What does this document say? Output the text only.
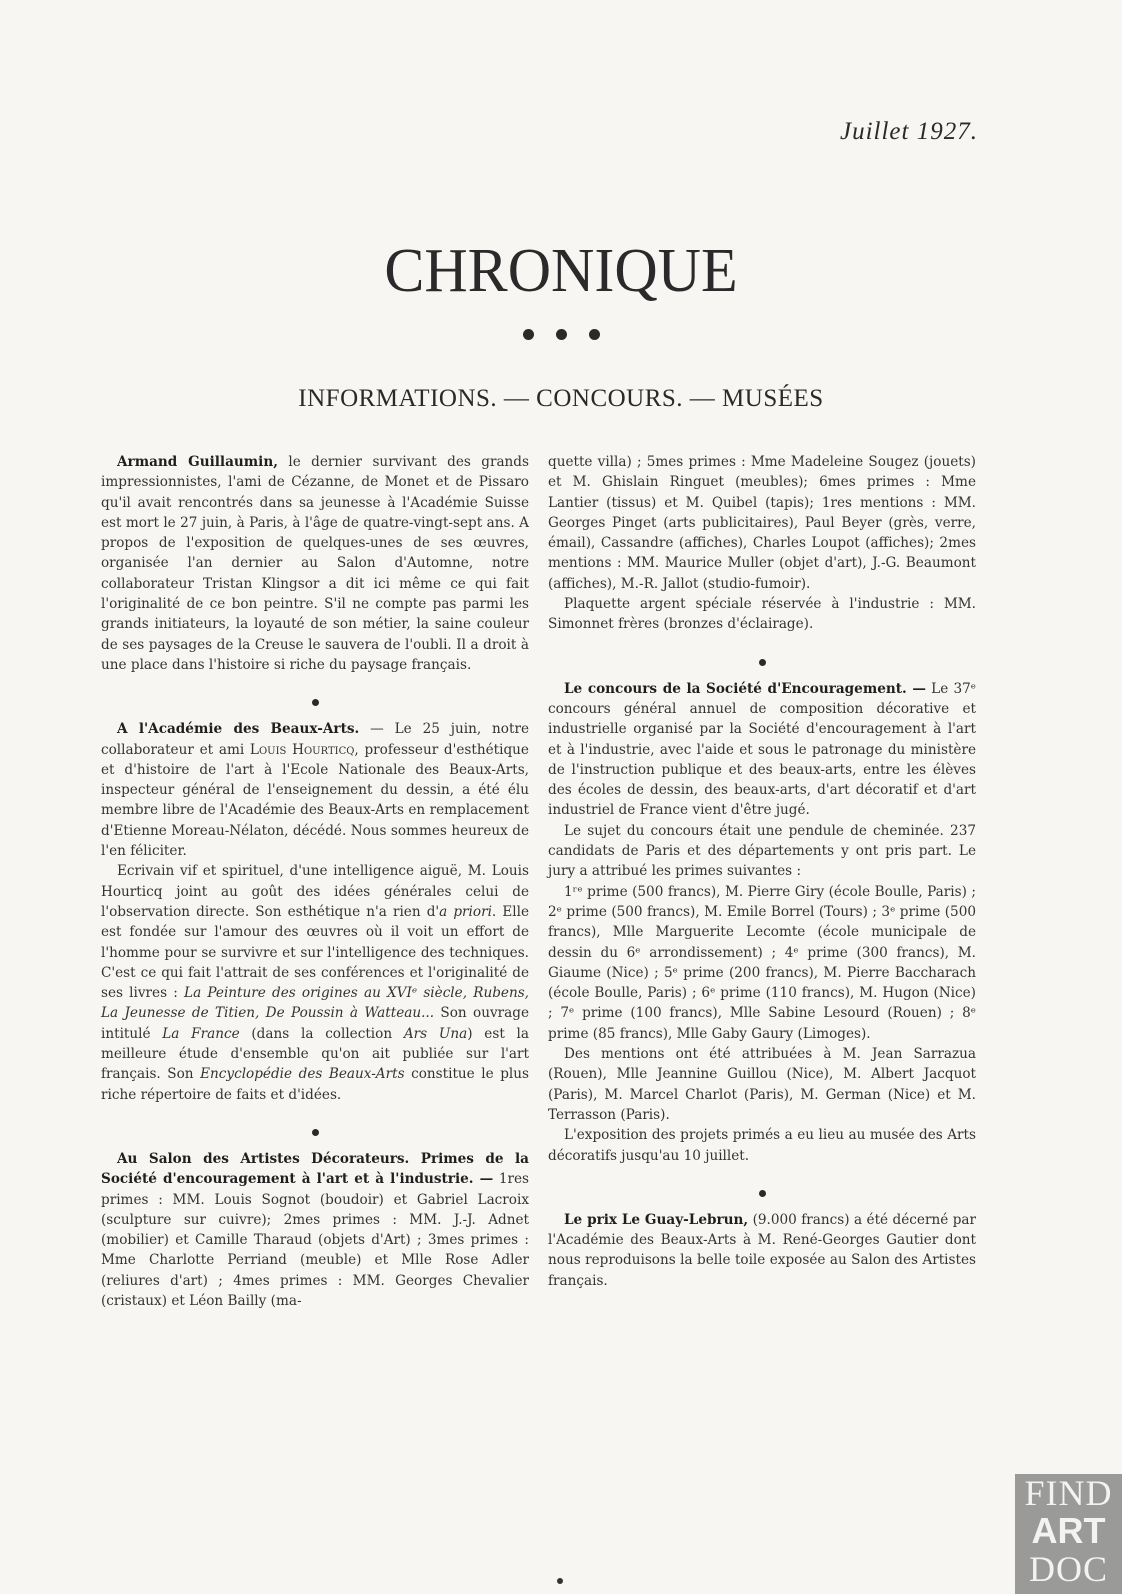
Juillet 1927.
CHRONIQUE
INFORMATIONS. — CONCOURS. — MUSÉES

Armand Guillaumin, le dernier survivant des grands impressionnistes, l'ami de Cézanne, de Monet et de Pissaro qu'il avait rencontrés dans sa jeunesse à l'Académie Suisse est mort le 27 juin, à Paris, à l'âge de quatre-vingt-sept ans. A propos de l'exposition de quelques-unes de ses œuvres, organisée l'an dernier au Salon d'Automne, notre collaborateur Tristan Klingsor a dit ici même ce qui fait l'originalité de ce bon peintre. S'il ne compte pas parmi les grands initiateurs, la loyauté de son métier, la saine couleur de ses paysages de la Creuse le sauvera de l'oubli. Il a droit à une place dans l'histoire si riche du paysage français.

A l'Académie des Beaux-Arts. — Le 25 juin, notre collaborateur et ami Louis Hourticq, professeur d'esthétique et d'histoire de l'art à l'Ecole Nationale des Beaux-Arts, inspecteur général de l'enseignement du dessin, a été élu membre libre de l'Académie des Beaux-Arts en remplacement d'Etienne Moreau-Nélaton, décédé. Nous sommes heureux de l'en féliciter.

Ecrivain vif et spirituel, d'une intelligence aiguë, M. Louis Hourticq joint au goût des idées générales celui de l'observation directe. Son esthétique n'a rien d'a priori. Elle est fondée sur l'amour des œuvres où il voit un effort de l'homme pour se survivre et sur l'intelligence des techniques. C'est ce qui fait l'attrait de ses conférences et l'originalité de ses livres : La Peinture des origines au XVIᵉ siècle, Rubens, La Jeunesse de Titien, De Poussin à Watteau... Son ouvrage intitulé La France (dans la collection Ars Una) est la meilleure étude d'ensemble qu'on ait publiée sur l'art français. Son Encyclopédie des Beaux-Arts constitue le plus riche répertoire de faits et d'idées.

Au Salon des Artistes Décorateurs. Primes de la Société d'encouragement à l'art et à l'industrie. — 1res primes : MM. Louis Sognot (boudoir) et Gabriel Lacroix (sculpture sur cuivre); 2mes primes : MM. J.-J. Adnet (mobilier) et Camille Tharaud (objets d'Art) ; 3mes primes : Mme Charlotte Perriand (meuble) et Mlle Rose Adler (reliures d'art) ; 4mes primes : MM. Georges Chevalier (cristaux) et Léon Bailly (ma-

quette villa) ; 5mes primes : Mme Madeleine Sougez (jouets) et M. Ghislain Ringuet (meubles); 6mes primes : Mme Lantier (tissus) et M. Quibel (tapis); 1res mentions : MM. Georges Pinget (arts publicitaires), Paul Beyer (grès, verre, émail), Cassandre (affiches), Charles Loupot (affiches); 2mes mentions : MM. Maurice Muller (objet d'art), J.-G. Beaumont (affiches), M.-R. Jallot (studio-fumoir).

Plaquette argent spéciale réservée à l'industrie : MM. Simonnet frères (bronzes d'éclairage).

Le concours de la Société d'Encouragement. — Le 37ᵉ concours général annuel de composition décorative et industrielle organisé par la Société d'encouragement à l'art et à l'industrie, avec l'aide et sous le patronage du ministère de l'instruction publique et des beaux-arts, entre les élèves des écoles de dessin, des beaux-arts, d'art décoratif et d'art industriel de France vient d'être jugé.

Le sujet du concours était une pendule de cheminée. 237 candidats de Paris et des départements y ont pris part. Le jury a attribué les primes suivantes :

1ʳᵉ prime (500 francs), M. Pierre Giry (école Boulle, Paris) ; 2ᵉ prime (500 francs), M. Emile Borrel (Tours) ; 3ᵉ prime (500 francs), Mlle Marguerite Lecomte (école municipale de dessin du 6ᵉ arrondissement) ; 4ᵉ prime (300 francs), M. Giaume (Nice) ; 5ᵉ prime (200 francs), M. Pierre Baccharach (école Boulle, Paris) ; 6ᵉ prime (110 francs), M. Hugon (Nice) ; 7ᵉ prime (100 francs), Mlle Sabine Lesourd (Rouen) ; 8ᵉ prime (85 francs), Mlle Gaby Gaury (Limoges).

Des mentions ont été attribuées à M. Jean Sarrazua (Rouen), Mlle Jeannine Guillou (Nice), M. Albert Jacquot (Paris), M. Marcel Charlot (Paris), M. German (Nice) et M. Terrasson (Paris).

L'exposition des projets primés a eu lieu au musée des Arts décoratifs jusqu'au 10 juillet.

Le prix Le Guay-Lebrun, (9.000 francs) a été décerné par l'Académie des Beaux-Arts à M. René-Georges Gautier dont nous reproduisons la belle toile exposée au Salon des Artistes français.

FIND
ART
DOC
